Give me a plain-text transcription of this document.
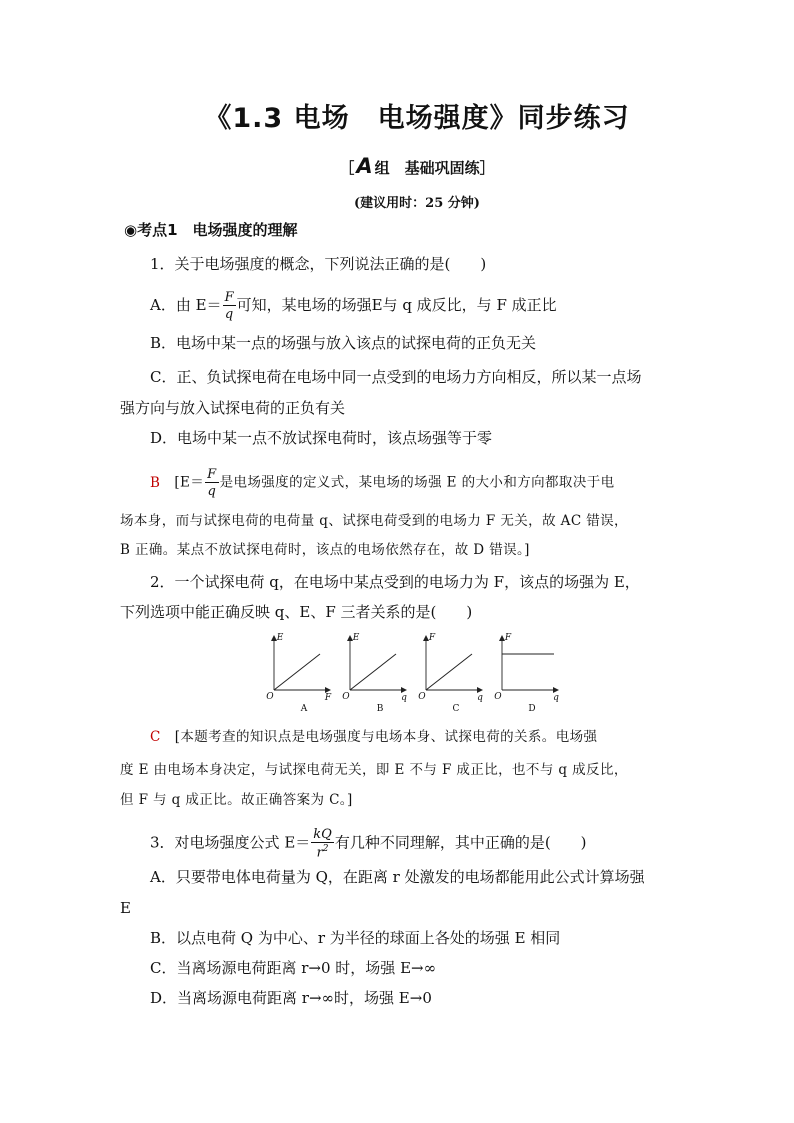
《1.3 电场　电场强度》同步练习
［A 组　基础巩固练］
(建议用时：25 分钟)
◉考点1　电场强度的理解
1．关于电场强度的概念，下列说法正确的是(　　)
A．由 $E= \frac{F}{q}$ 可知，某电场的场强E与 q 成反比，与 F 成正比
B．电场中某一点的场强与放入该点的试探电荷的正负无关
C．正、负试探电荷在电场中同一点受到的电场力方向相反，所以某一点场
强方向与放入试探电荷的正负有关
D．电场中某一点不放试探电荷时，该点场强等于零
B [$E= \frac{F}{q}$ 是电场强度的定义式，某电场的场强 E 的大小和方向都取决于电
场本身，而与试探电荷的电荷量 q、试探电荷受到的电场力 F 无关，故 AC 错误，
B 正确。某点不放试探电荷时，该点的电场依然存在，故 D 错误。]
2．一个试探电荷 q，在电场中某点受到的电场力为 F，该点的场强为 E，
下列选项中能正确反映 q、E、F 三者关系的是(　　)
E
F
O
A
E
q
O
B
F
q
O
C
F
q
O
D
C [本题考查的知识点是电场强度与电场本身、试探电荷的关系。电场强
度 E 由电场本身决定，与试探电荷无关，即 E 不与 F 成正比，也不与 q 成反比，
但 F 与 q 成正比。故正确答案为 C。]
3．对电场强度公式 $E= \frac{kQ}{r^2}$ 有几种不同理解，其中正确的是(　　)
A．只要带电体电荷量为 Q，在距离 r 处激发的电场都能用此公式计算场强
E
B．以点电荷 Q 为中心、r 为半径的球面上各处的场强 E 相同
C．当离场源电荷距离 r→0 时，场强 E→∞
D．当离场源电荷距离 r→∞时，场强 E→0
